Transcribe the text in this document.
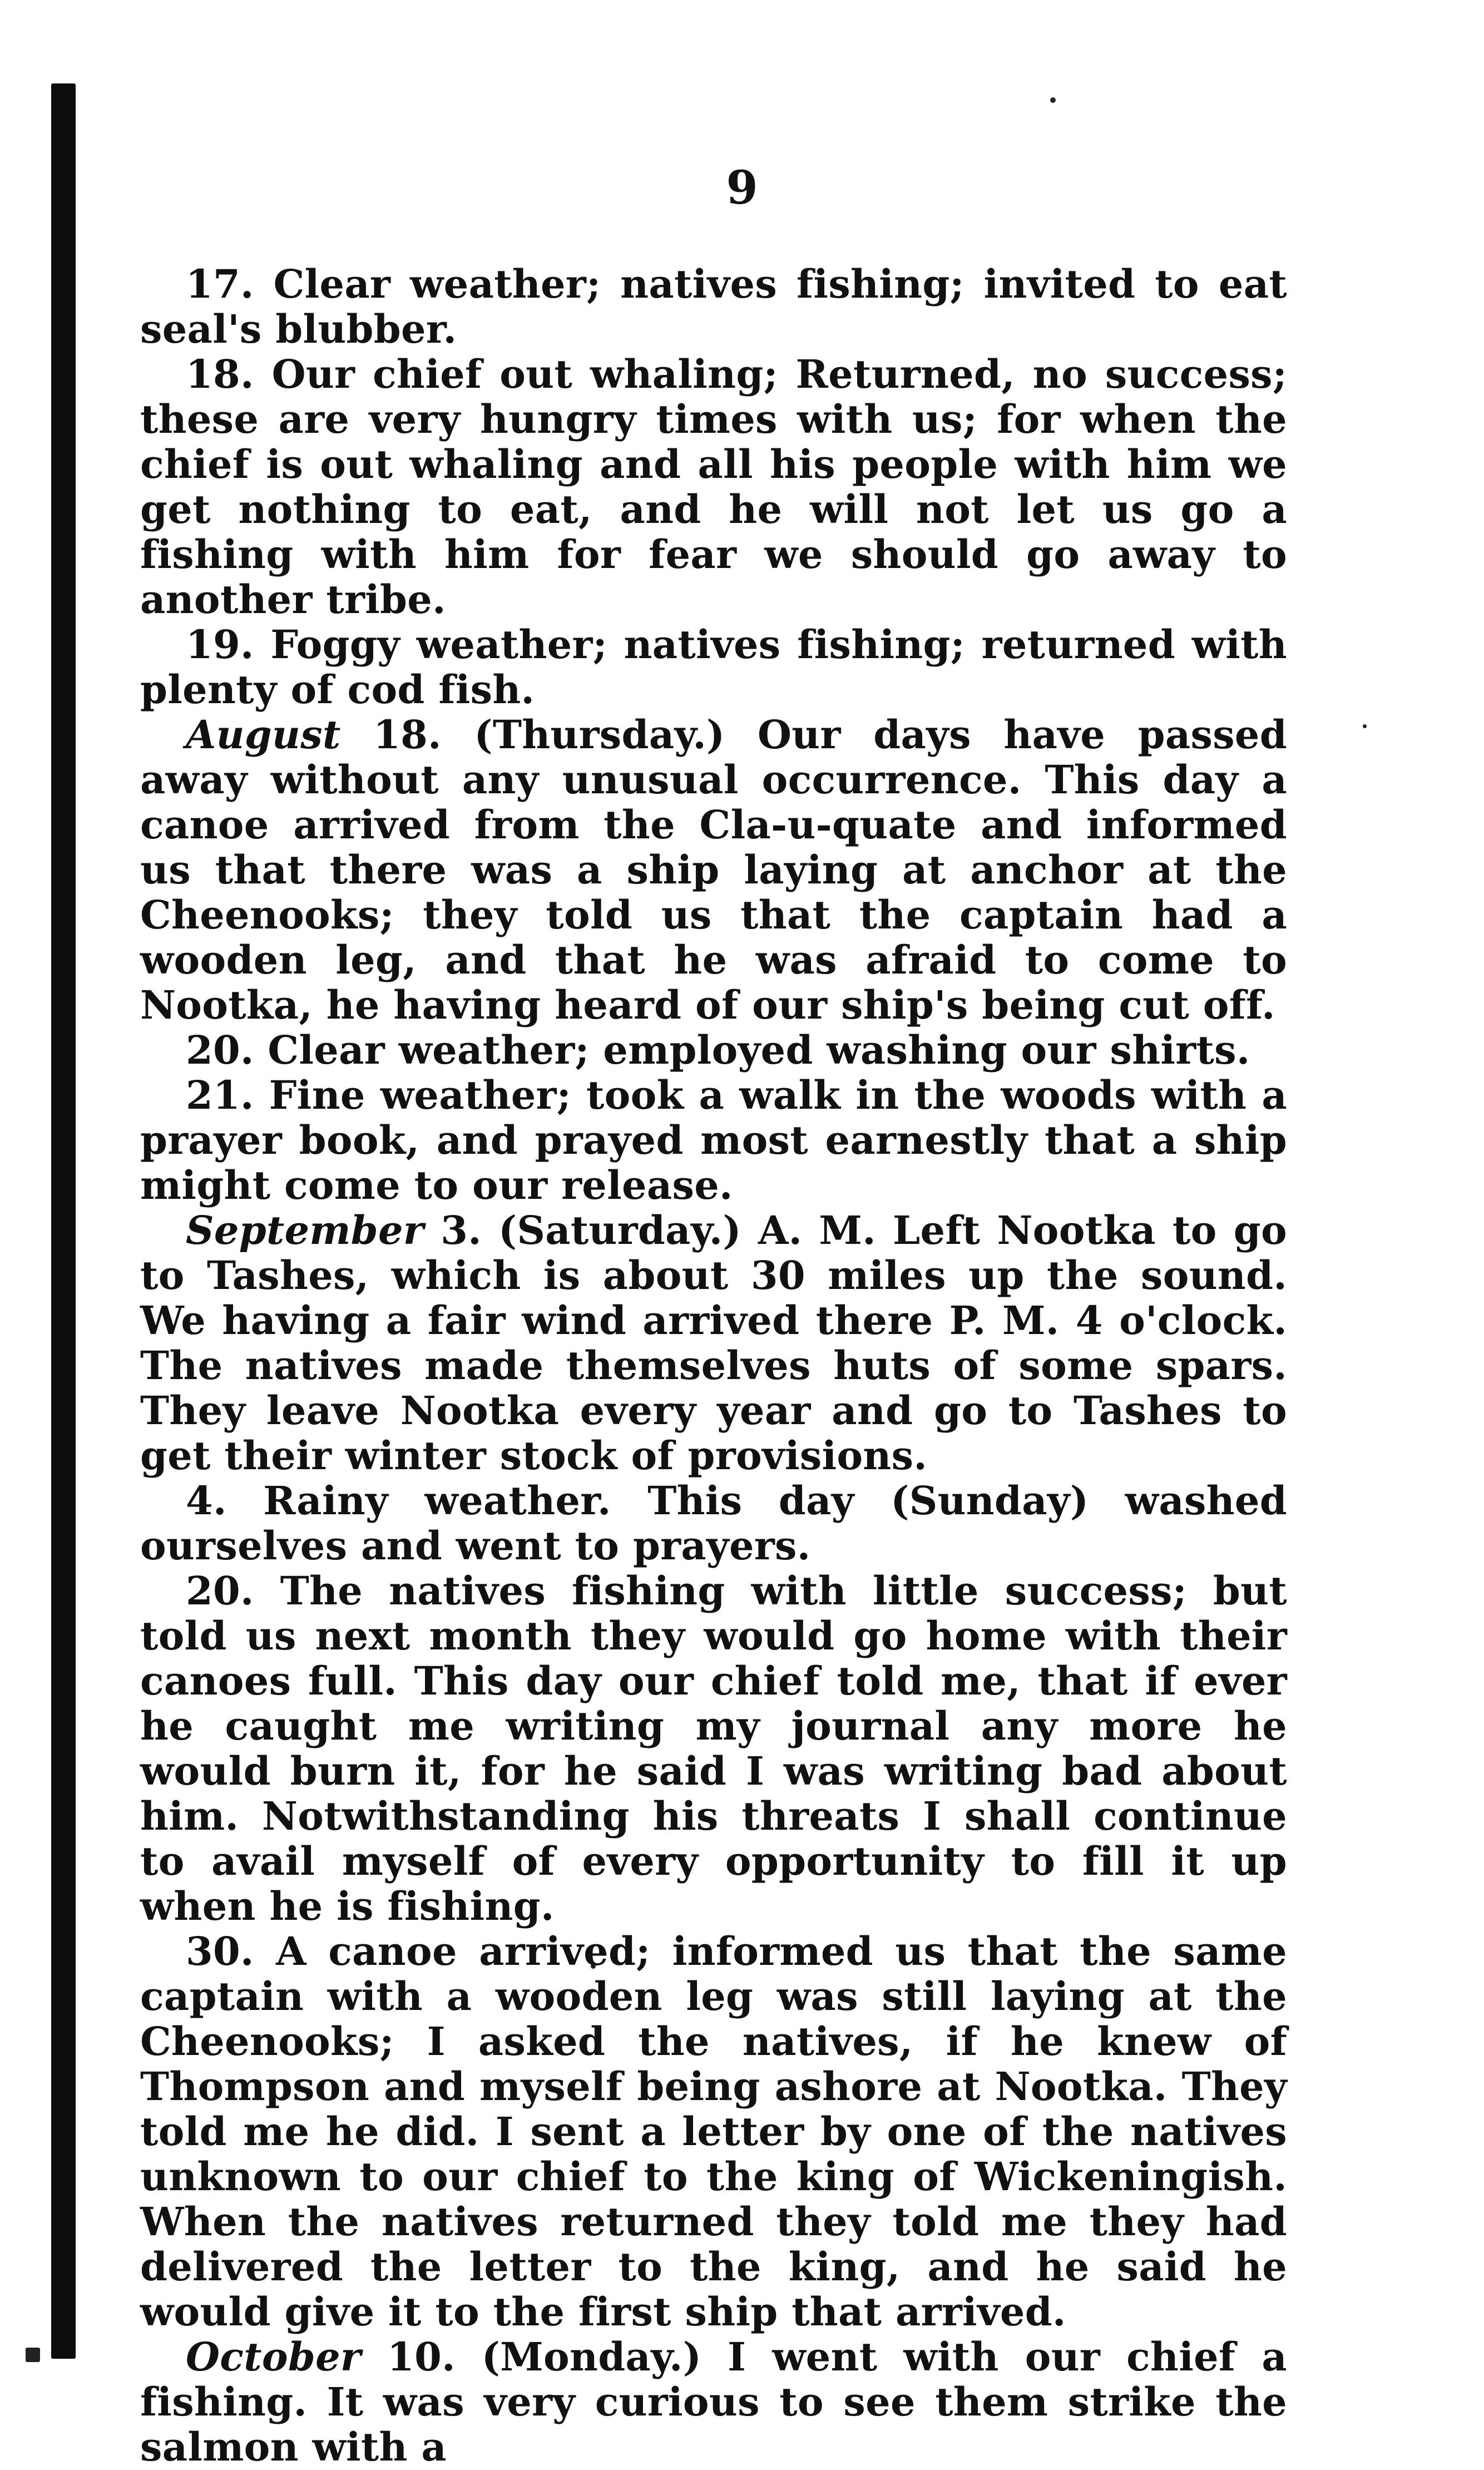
9

17. Clear weather; natives fishing; invited to eat seal's blubber.

18. Our chief out whaling; Returned, no success; these are very hungry times with us; for when the chief is out whaling and all his people with him we get nothing to eat, and he will not let us go a fishing with him for fear we should go away to another tribe.

19. Foggy weather; natives fishing; returned with plenty of cod fish.

August 18. (Thursday.) Our days have passed away without any unusual occurrence. This day a canoe arrived from the Cla-u-quate and informed us that there was a ship laying at anchor at the Cheenooks; they told us that the captain had a wooden leg, and that he was afraid to come to Nootka, he having heard of our ship's being cut off.

20. Clear weather; employed washing our shirts.

21. Fine weather; took a walk in the woods with a prayer book, and prayed most earnestly that a ship might come to our release.

September 3. (Saturday.) A. M. Left Nootka to go to Tashes, which is about 30 miles up the sound. We having a fair wind arrived there P. M. 4 o'clock. The natives made themselves huts of some spars. They leave Nootka every year and go to Tashes to get their winter stock of provisions.

4. Rainy weather. This day (Sunday) washed ourselves and went to prayers.

20. The natives fishing with little success; but told us next month they would go home with their canoes full. This day our chief told me, that if ever he caught me writing my journal any more he would burn it, for he said I was writing bad about him. Notwithstanding his threats I shall continue to avail myself of every opportunity to fill it up when he is fishing.

30. A canoe arrived; informed us that the same captain with a wooden leg was still laying at the Cheenooks; I asked the natives, if he knew of Thompson and myself being ashore at Nootka. They told me he did. I sent a letter by one of the natives unknown to our chief to the king of Wickeningish. When the natives returned they told me they had delivered the letter to the king, and he said he would give it to the first ship that arrived.

October 10. (Monday.) I went with our chief a fishing. It was very curious to see them strike the salmon with a
